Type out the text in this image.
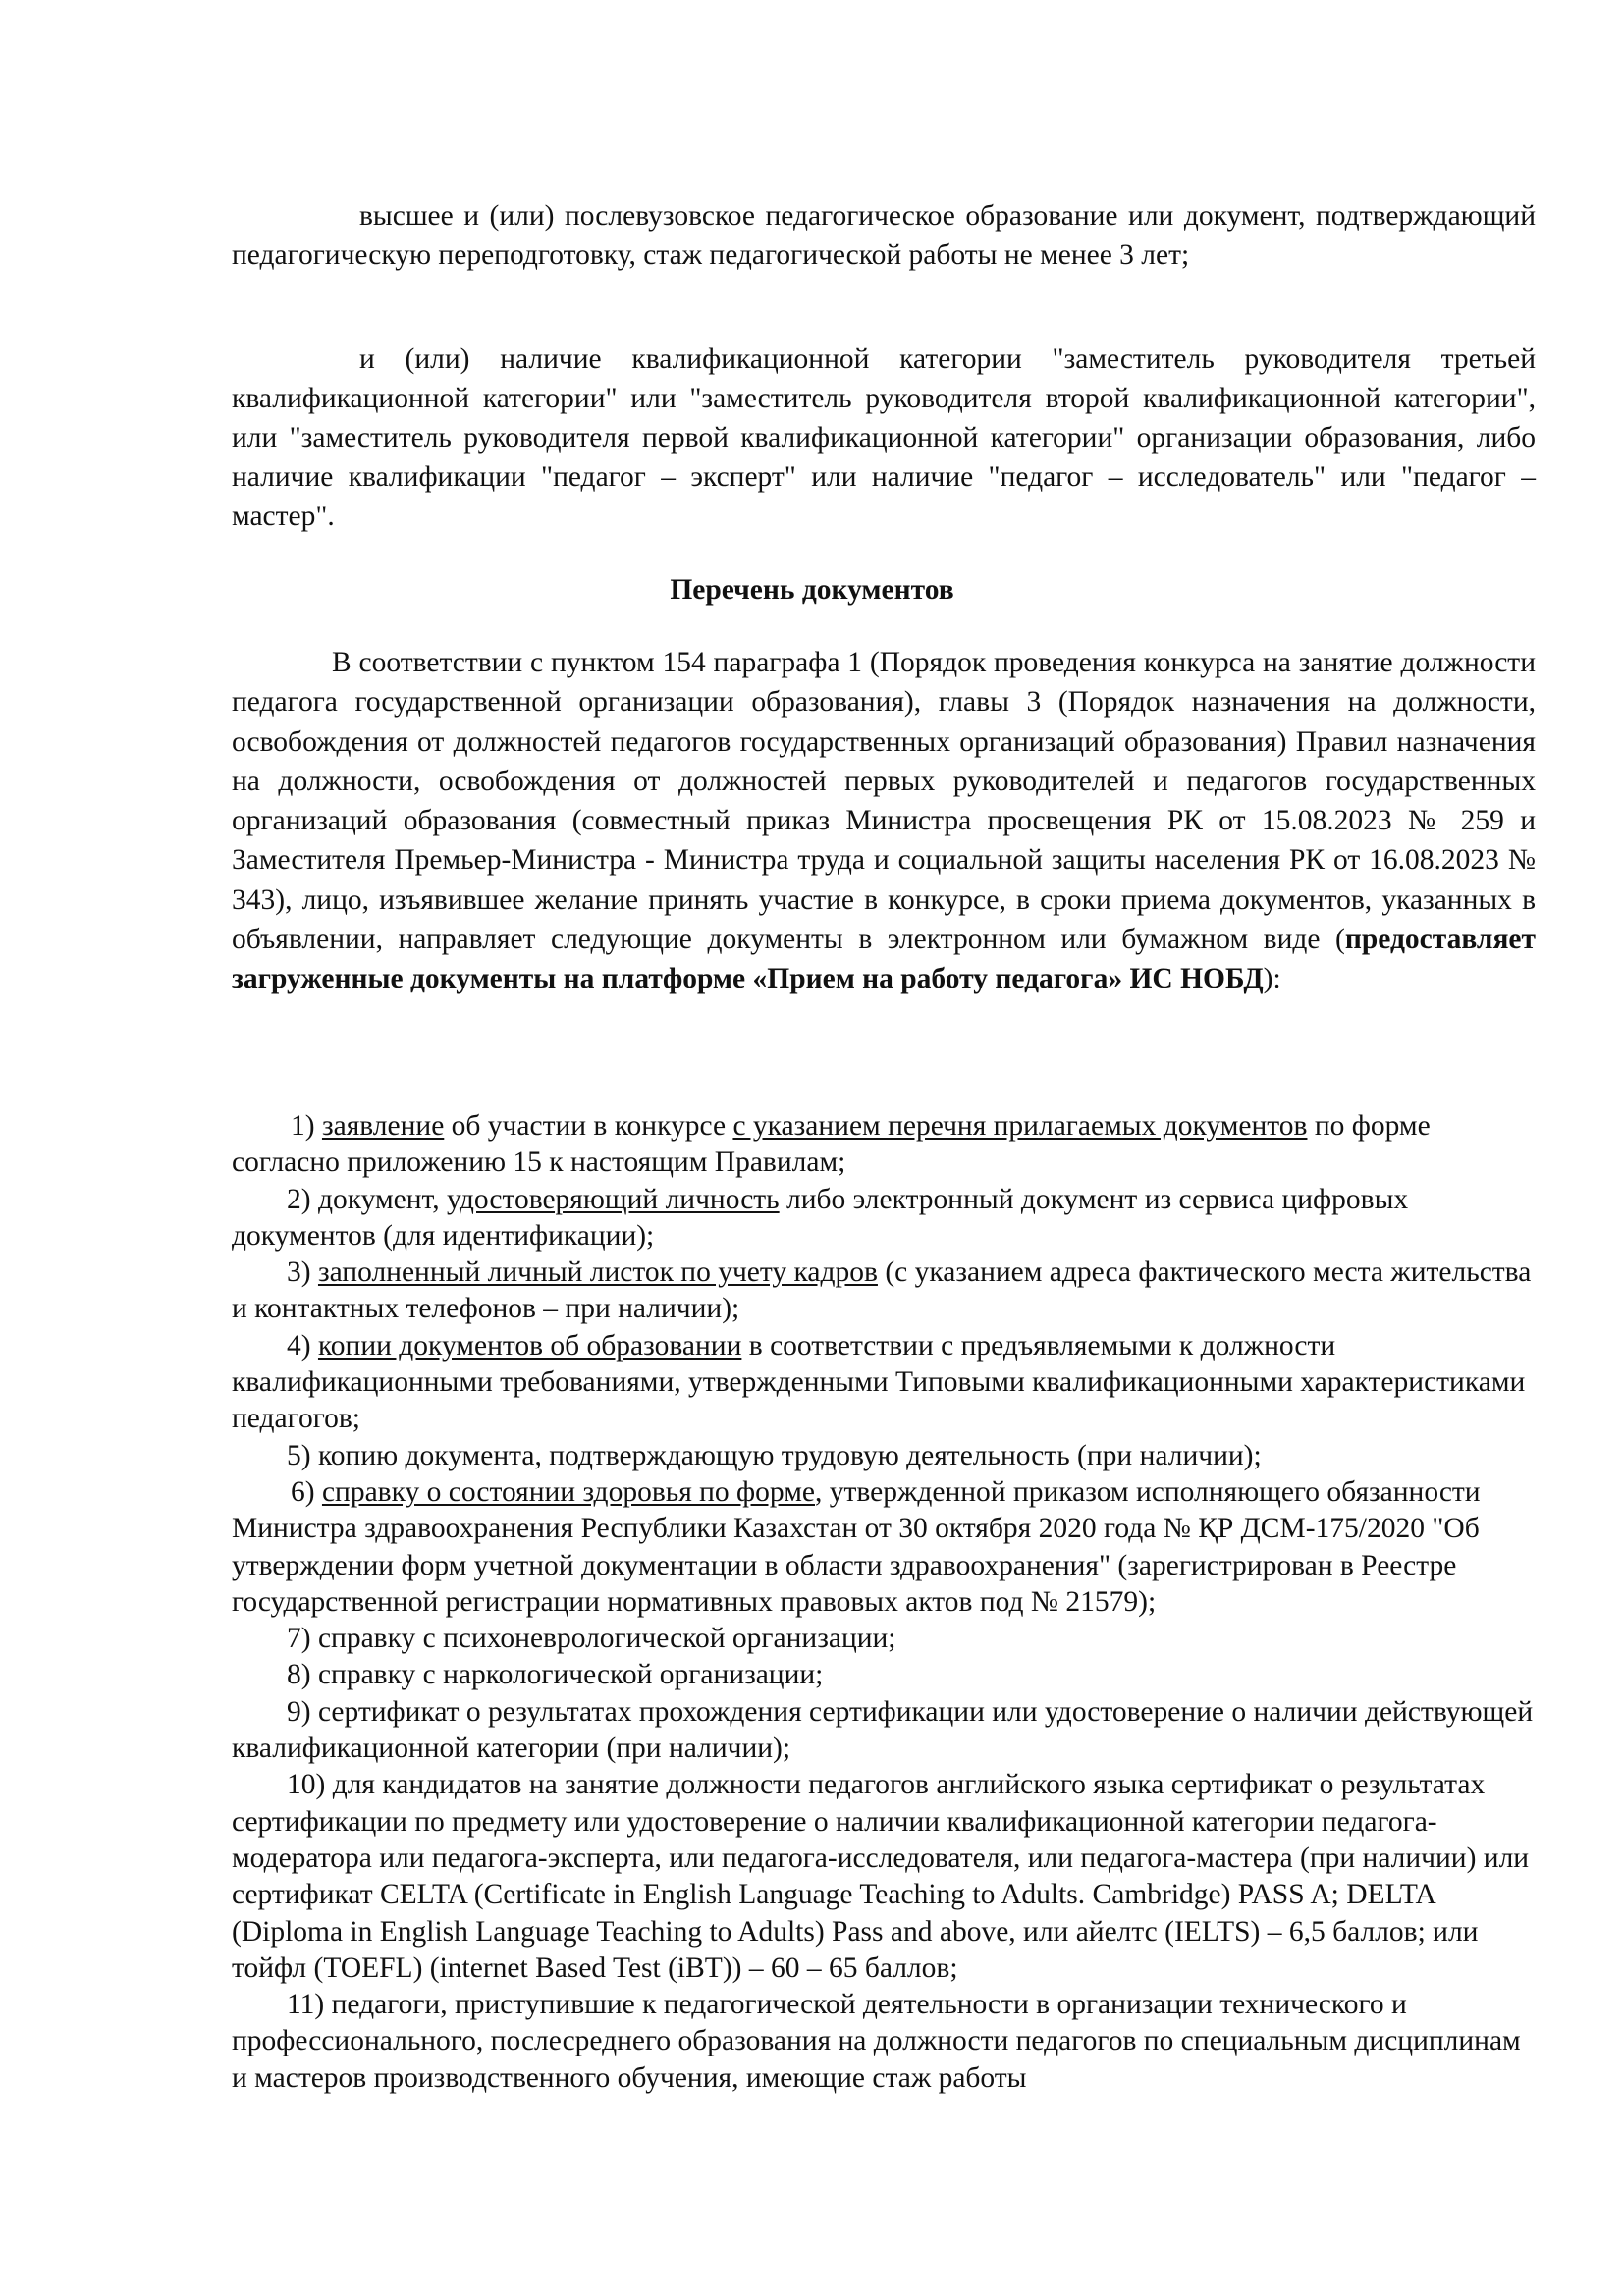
высшее и (или) послевузовское педагогическое образование или документ, подтверждающий педагогическую переподготовку, стаж педагогической работы не менее 3 лет;

и (или) наличие квалификационной категории "заместитель руководителя третьей квалификационной категории" или "заместитель руководителя второй квалификационной категории", или "заместитель руководителя первой квалификационной категории" организации образования, либо наличие квалификации "педагог – эксперт" или наличие "педагог – исследователь" или "педагог – мастер".

Перечень документов

В соответствии с пунктом 154 параграфа 1 (Порядок проведения конкурса на занятие должности педагога государственной организации образования), главы 3 (Порядок назначения на должности, освобождения от должностей педагогов государственных организаций образования) Правил назначения на должности, освобождения от должностей первых руководителей и педагогов государственных организаций образования (совместный приказ Министра просвещения РК от 15.08.2023 № 259 и Заместителя Премьер-Министра - Министра труда и социальной защиты населения РК от 16.08.2023 № 343), лицо, изъявившее желание принять участие в конкурсе, в сроки приема документов, указанных в объявлении, направляет следующие документы в электронном или бумажном виде (предоставляет загруженные документы на платформе «Прием на работу педагога» ИС НОБД):

1) заявление об участии в конкурсе с указанием перечня прилагаемых документов по форме согласно приложению 15 к настоящим Правилам;

2) документ, удостоверяющий личность либо электронный документ из сервиса цифровых документов (для идентификации);

3) заполненный личный листок по учету кадров (с указанием адреса фактического места жительства и контактных телефонов – при наличии);

4) копии документов об образовании в соответствии с предъявляемыми к должности квалификационными требованиями, утвержденными Типовыми квалификационными характеристиками педагогов;

5) копию документа, подтверждающую трудовую деятельность (при наличии);

6) справку о состоянии здоровья по форме, утвержденной приказом исполняющего обязанности Министра здравоохранения Республики Казахстан от 30 октября 2020 года № ҚР ДСМ-175/2020 "Об утверждении форм учетной документации в области здравоохранения" (зарегистрирован в Реестре государственной регистрации нормативных правовых актов под № 21579);

7) справку с психоневрологической организации;

8) справку с наркологической организации;

9) сертификат о результатах прохождения сертификации или удостоверение о наличии действующей квалификационной категории (при наличии);

10) для кандидатов на занятие должности педагогов английского языка сертификат о результатах сертификации по предмету или удостоверение о наличии квалификационной категории педагога-модератора или педагога-эксперта, или педагога-исследователя, или педагога-мастера (при наличии) или сертификат CELTA (Certificate in English Language Teaching to Adults. Cambridge) PASS A; DELTA (Diploma in English Language Teaching to Adults) Pass and above, или айелтс (IELTS) – 6,5 баллов; или тойфл (TOEFL) (internet Based Test (iBT)) – 60 – 65 баллов;

11) педагоги, приступившие к педагогической деятельности в организации технического и профессионального, послесреднего образования на должности педагогов по специальным дисциплинам и мастеров производственного обучения, имеющие стаж работы
